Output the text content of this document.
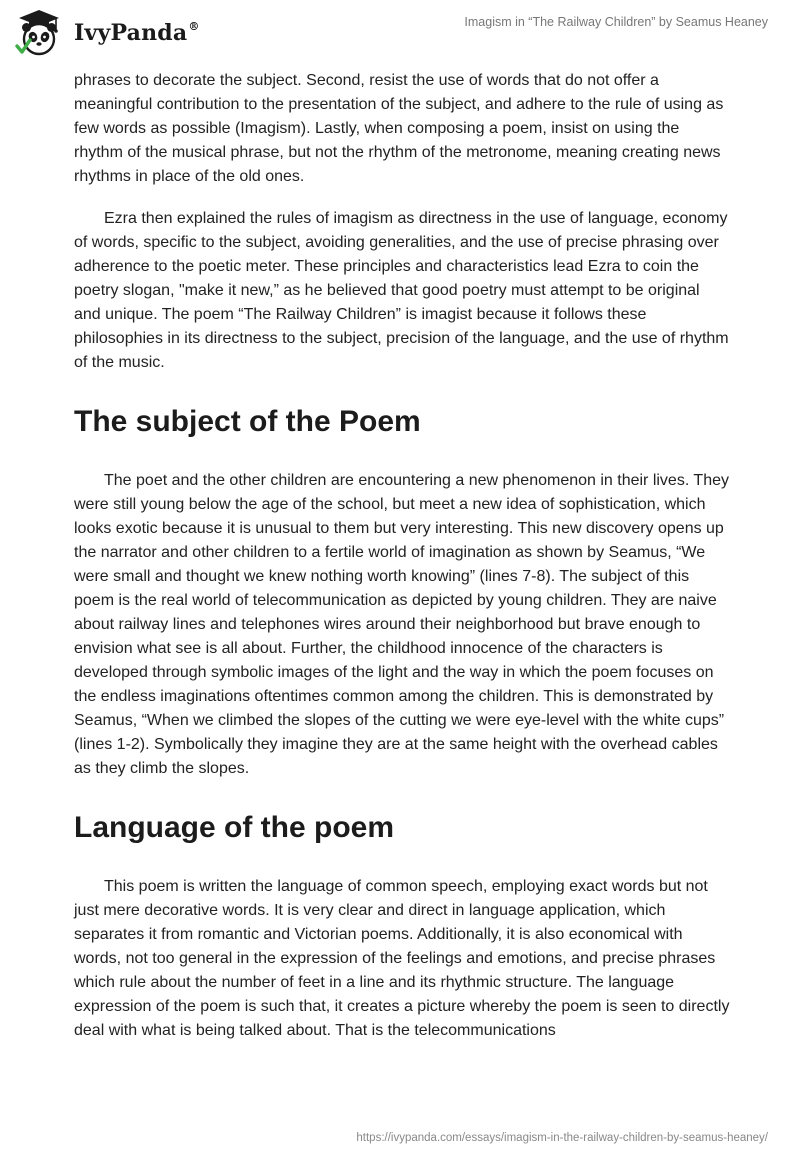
IvyPanda®	Imagism in “The Railway Children” by Seamus Heaney

phrases to decorate the subject. Second, resist the use of words that do not offer a meaningful contribution to the presentation of the subject, and adhere to the rule of using as few words as possible (Imagism). Lastly, when composing a poem, insist on using the rhythm of the musical phrase, but not the rhythm of the metronome, meaning creating news rhythms in place of the old ones.

Ezra then explained the rules of imagism as directness in the use of language, economy of words, specific to the subject, avoiding generalities, and the use of precise phrasing over adherence to the poetic meter. These principles and characteristics lead Ezra to coin the poetry slogan, "make it new,” as he believed that good poetry must attempt to be original and unique. The poem “The Railway Children” is imagist because it follows these philosophies in its directness to the subject, precision of the language, and the use of rhythm of the music.

The subject of the Poem

The poet and the other children are encountering a new phenomenon in their lives. They were still young below the age of the school, but meet a new idea of sophistication, which looks exotic because it is unusual to them but very interesting. This new discovery opens up the narrator and other children to a fertile world of imagination as shown by Seamus, “We were small and thought we knew nothing worth knowing” (lines 7-8). The subject of this poem is the real world of telecommunication as depicted by young children. They are naive about railway lines and telephones wires around their neighborhood but brave enough to envision what see is all about. Further, the childhood innocence of the characters is developed through symbolic images of the light and the way in which the poem focuses on the endless imaginations oftentimes common among the children. This is demonstrated by Seamus, “When we climbed the slopes of the cutting we were eye-level with the white cups” (lines 1-2). Symbolically they imagine they are at the same height with the overhead cables as they climb the slopes.

Language of the poem

This poem is written the language of common speech, employing exact words but not just mere decorative words. It is very clear and direct in language application, which separates it from romantic and Victorian poems. Additionally, it is also economical with words, not too general in the expression of the feelings and emotions, and precise phrases which rule about the number of feet in a line and its rhythmic structure. The language expression of the poem is such that, it creates a picture whereby the poem is seen to directly deal with what is being talked about. That is the telecommunications

https://ivypanda.com/essays/imagism-in-the-railway-children-by-seamus-heaney/
